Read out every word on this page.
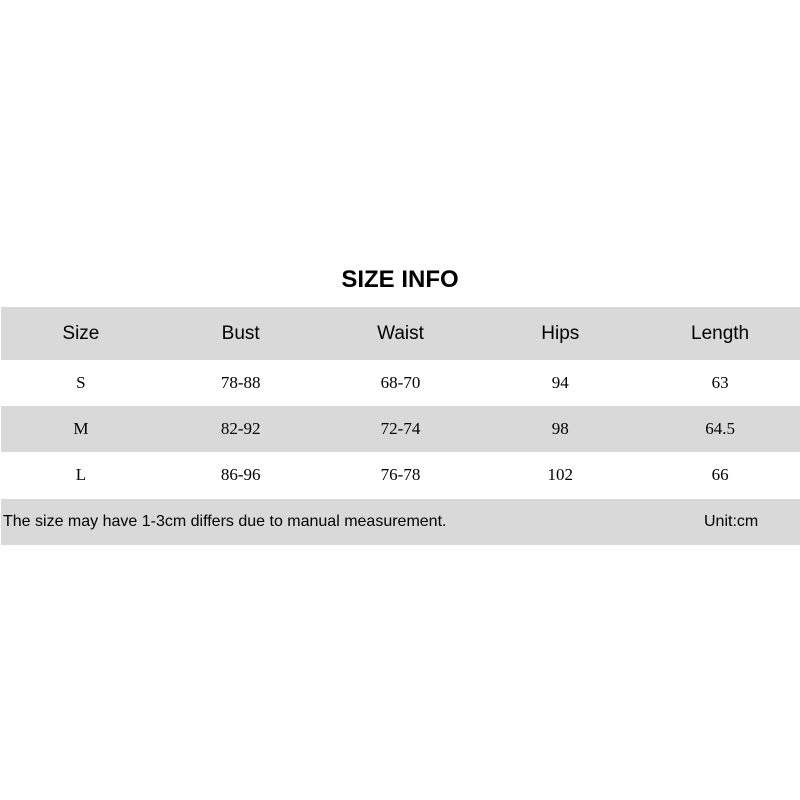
SIZE INFO
Size	Bust	Waist	Hips	Length
S	78-88	68-70	94	63
M	82-92	72-74	98	64.5
L	86-96	76-78	102	66
The size may have 1-3cm differs due to manual measurement.	Unit:cm
